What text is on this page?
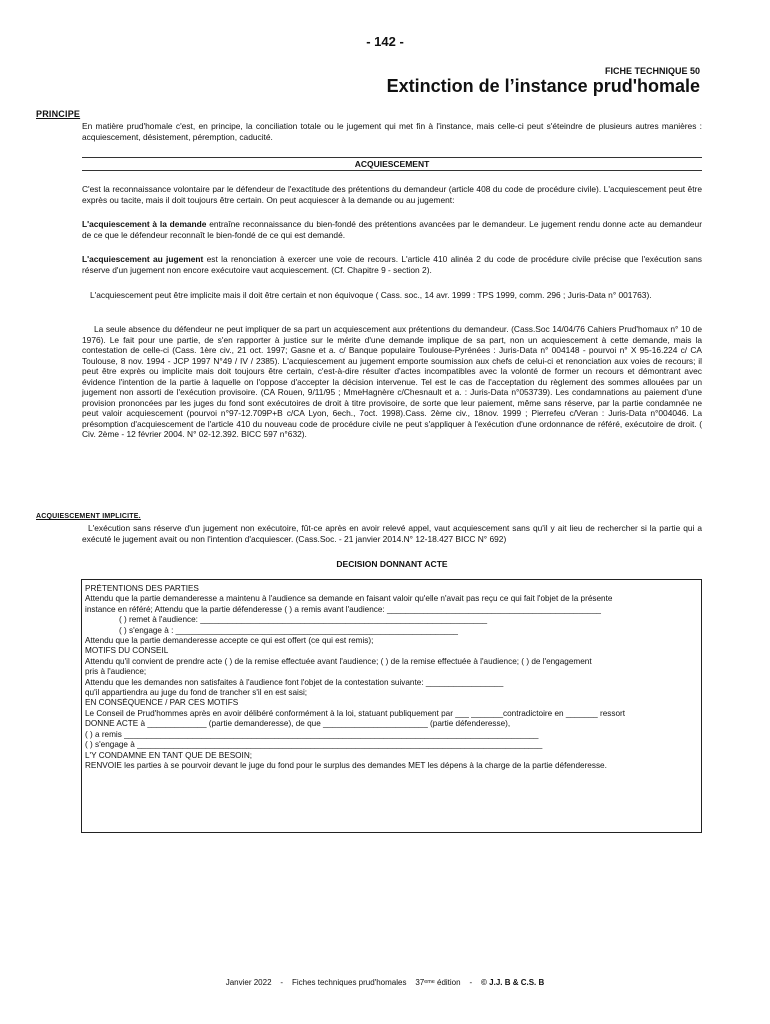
- 142 -
FICHE TECHNIQUE 50
Extinction de l’instance prud'homale
PRINCIPE
En matière prud'homale c'est, en principe, la conciliation totale ou le jugement qui met fin à l'instance, mais celle-ci peut s'éteindre de plusieurs autres manières : acquiescement, désistement, péremption, caducité.
ACQUIESCEMENT
C'est la reconnaissance volontaire par le défendeur de l'exactitude des prétentions du demandeur (article 408 du code de procédure civile). L'acquiescement peut être exprès ou tacite, mais il doit toujours être certain. On peut acquiescer à la demande ou au jugement:
L'acquiescement à la demande entraîne reconnaissance du bien-fondé des prétentions avancées par le demandeur. Le jugement rendu donne acte au demandeur de ce que le défendeur reconnaît le bien-fondé de ce qui est demandé.
L'acquiescement au jugement est la renonciation à exercer une voie de recours. L'article 410 alinéa 2 du code de procédure civile précise que l'exécution sans réserve d'un jugement non encore exécutoire vaut acquiescement. (Cf. Chapitre 9 - section 2).
L'acquiescement peut être implicite mais il doit être certain et non équivoque ( Cass. soc., 14 avr. 1999 : TPS 1999, comm. 296 ; Juris-Data n° 001763).
La seule absence du défendeur ne peut impliquer de sa part un acquiescement aux prétentions du demandeur. (Cass.Soc 14/04/76 Cahiers Prud'homaux n° 10 de 1976). Le fait pour une partie, de s'en rapporter à justice sur le mérite d'une demande implique de sa part, non un acquiescement à cette demande, mais la contestation de celle-ci (Cass. 1ère civ., 21 oct. 1997; Gasne et a. c/ Banque populaire Toulouse-Pyrénées : Juris-Data n° 004148 - pourvoi n° X 95-16.224 c/ CA Toulouse, 8 nov. 1994 - JCP 1997 N°49 / IV / 2385). L'acquiescement au jugement emporte soumission aux chefs de celui-ci et renonciation aux voies de recours; il peut être exprès ou implicite mais doit toujours être certain, c'est-à-dire résulter d'actes incompatibles avec la volonté de former un recours et démontrant avec évidence l'intention de la partie à laquelle on l'oppose d'accepter la décision intervenue. Tel est le cas de l'acceptation du règlement des sommes allouées par un jugement non assorti de l'exécution provisoire. (CA Rouen, 9/11/95 ; MmeHagnère c/Chesnault et a. : Juris-Data n°053739). Les condamnations au paiement d'une provision prononcées par les juges du fond sont exécutoires de droit à titre provisoire, de sorte que leur paiement, même sans réserve, par la partie condamnée ne peut valoir acquiescement (pourvoi n°97-12.709P+B c/CA Lyon, 6ech., 7oct. 1998).Cass. 2ème civ., 18nov. 1999 ; Pierrefeu c/Veran : Juris-Data n°004046. La présomption d'acquiescement de l'article 410 du nouveau code de procédure civile ne peut s'appliquer à l'exécution d'une ordonnance de référé, exécutoire de droit. ( Civ. 2ème - 12 février 2004. N° 02-12.392. BICC 597 n°632).
ACQUIESCEMENT IMPLICITE.
L'exécution sans réserve d'un jugement non exécutoire, fût-ce après en avoir relevé appel, vaut acquiescement sans qu'il y ait lieu de rechercher si la partie qui a exécuté le jugement avait ou non l'intention d'acquiescer. (Cass.Soc. - 21 janvier 2014.N° 12-18.427 BICC N° 692)
DECISION DONNANT ACTE
PRÉTENTIONS DES PARTIES
Attendu que la partie demanderesse a maintenu à l'audience sa demande en faisant valoir qu'elle n'avait pas reçu ce qui fait l'objet de la présente
instance en référé; Attendu que la partie défenderesse ( ) a remis avant l'audience: _______________________________________________
( ) remet à l'audience: _______________________________________________________________
( ) s'engage à : ______________________________________________________________
Attendu que la partie demanderesse accepte ce qui est offert (ce qui est remis);
MOTIFS DU CONSEIL
Attendu qu'il convient de prendre acte ( ) de la remise effectuée avant l'audience; ( ) de la remise effectuée à l'audience; ( ) de l'engagement
pris à l'audience;
Attendu que les demandes non satisfaites à l'audience font l'objet de la contestation suivante: _________________
qu'il appartiendra au juge du fond de trancher s'il en est saisi;
EN CONSÉQUENCE / PAR CES MOTIFS
Le Conseil de Prud'hommes après en avoir délibéré conformément à la loi, statuant publiquement par ___ _______contradictoire en _______ ressort
DONNE ACTE à _____________ (partie demanderesse), de que _______________________ (partie défenderesse),
( ) a remis ___________________________________________________________________________________________
( ) s'engage à _________________________________________________________________________________________
L'Y CONDAMNE EN TANT QUE DE BESOIN;
RENVOIE les parties à se pourvoir devant le juge du fond pour le surplus des demandes MET les dépens à la charge de la partie défenderesse.
Janvier 2022 - Fiches techniques prud'homales 37ᵉᵐᵉ édition - © J.J. B & C.S. B
